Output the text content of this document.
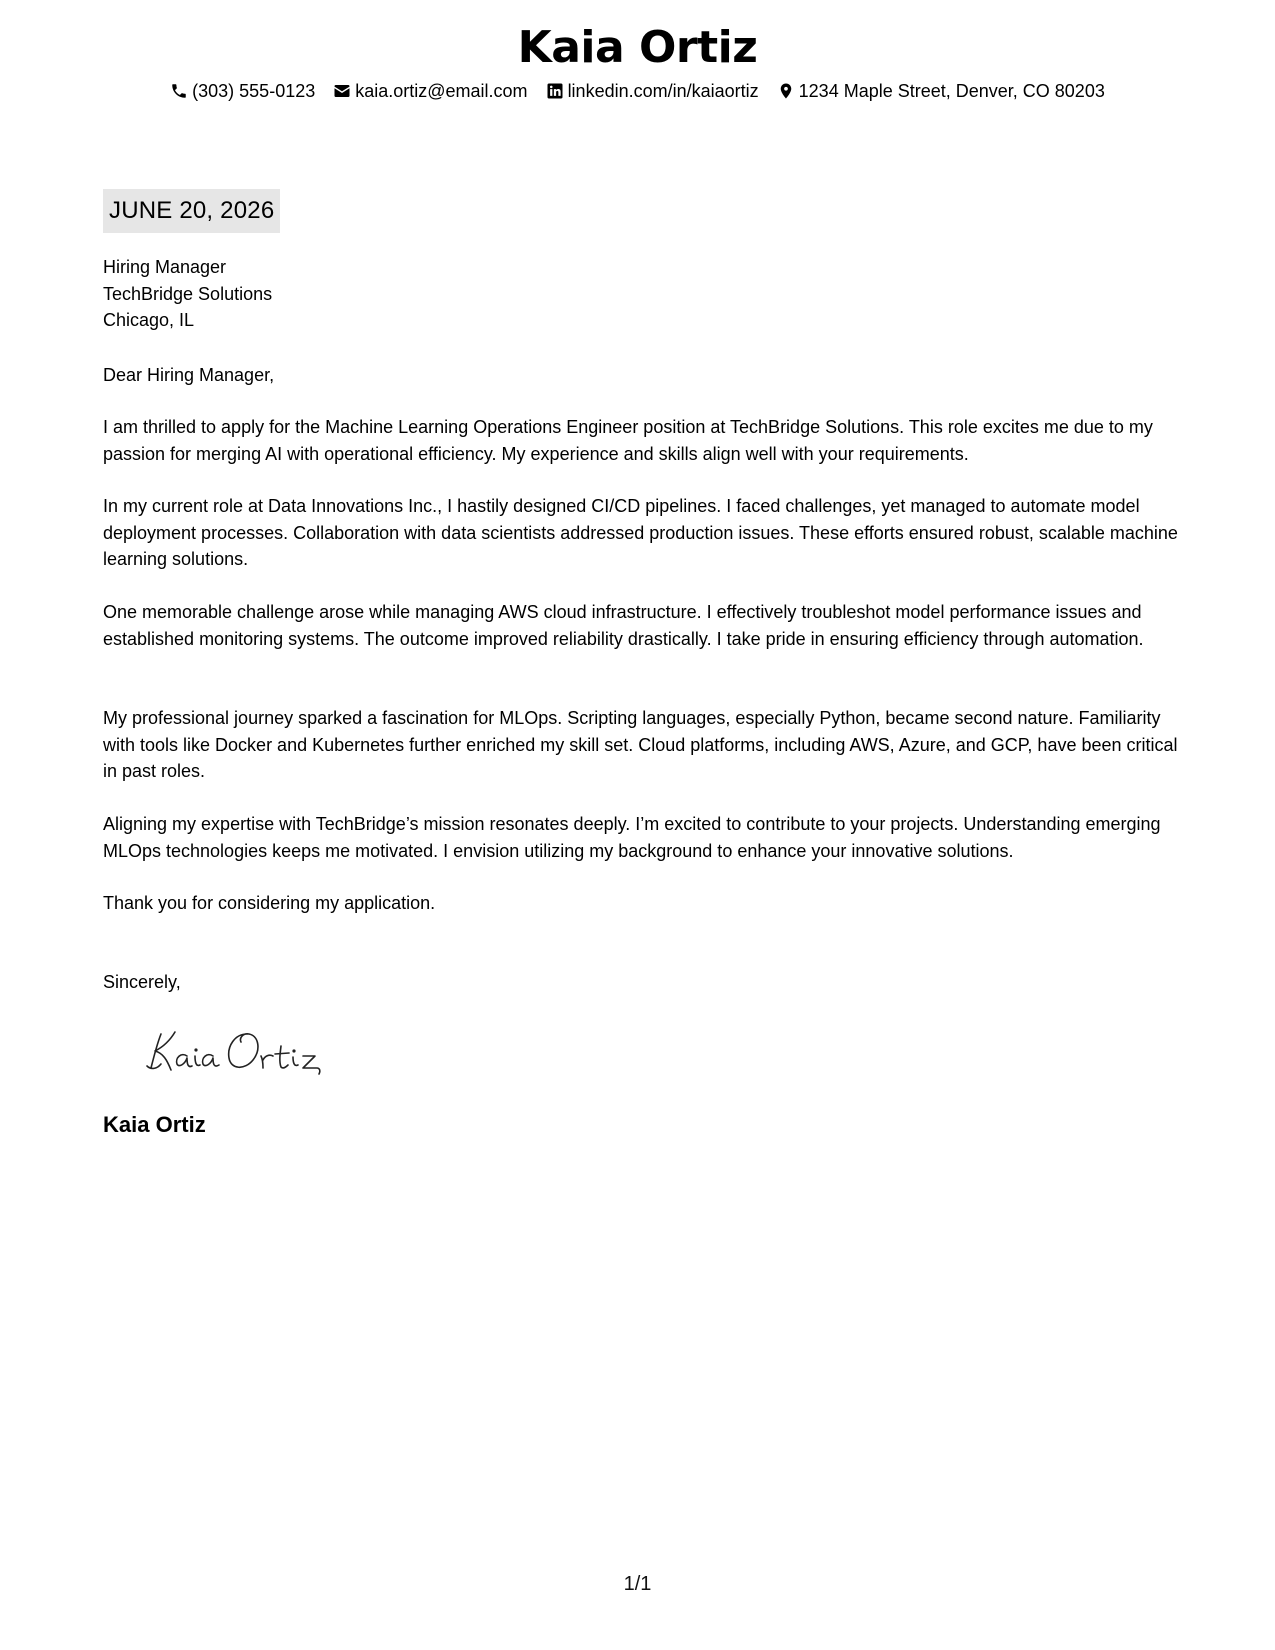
Kaia Ortiz
(303) 555-0123 kaia.ortiz@email.com linkedin.com/in/kaiaortiz 1234 Maple Street, Denver, CO 80203
JUNE 20, 2026
Hiring Manager
TechBridge Solutions
Chicago, IL
Dear Hiring Manager,

I am thrilled to apply for the Machine Learning Operations Engineer position at TechBridge Solutions. This role excites me due to my passion for merging AI with operational efficiency. My experience and skills align well with your requirements.

In my current role at Data Innovations Inc., I hastily designed CI/CD pipelines. I faced challenges, yet managed to automate model deployment processes. Collaboration with data scientists addressed production issues. These efforts ensured robust, scalable machine learning solutions.

One memorable challenge arose while managing AWS cloud infrastructure. I effectively troubleshot model performance issues and established monitoring systems. The outcome improved reliability drastically. I take pride in ensuring efficiency through automation.

My professional journey sparked a fascination for MLOps. Scripting languages, especially Python, became second nature. Familiarity with tools like Docker and Kubernetes further enriched my skill set. Cloud platforms, including AWS, Azure, and GCP, have been critical in past roles.

Aligning my expertise with TechBridge’s mission resonates deeply. I’m excited to contribute to your projects. Understanding emerging MLOps technologies keeps me motivated. I envision utilizing my background to enhance your innovative solutions.

Thank you for considering my application.

Sincerely,
Kaia Ortiz
1/1
